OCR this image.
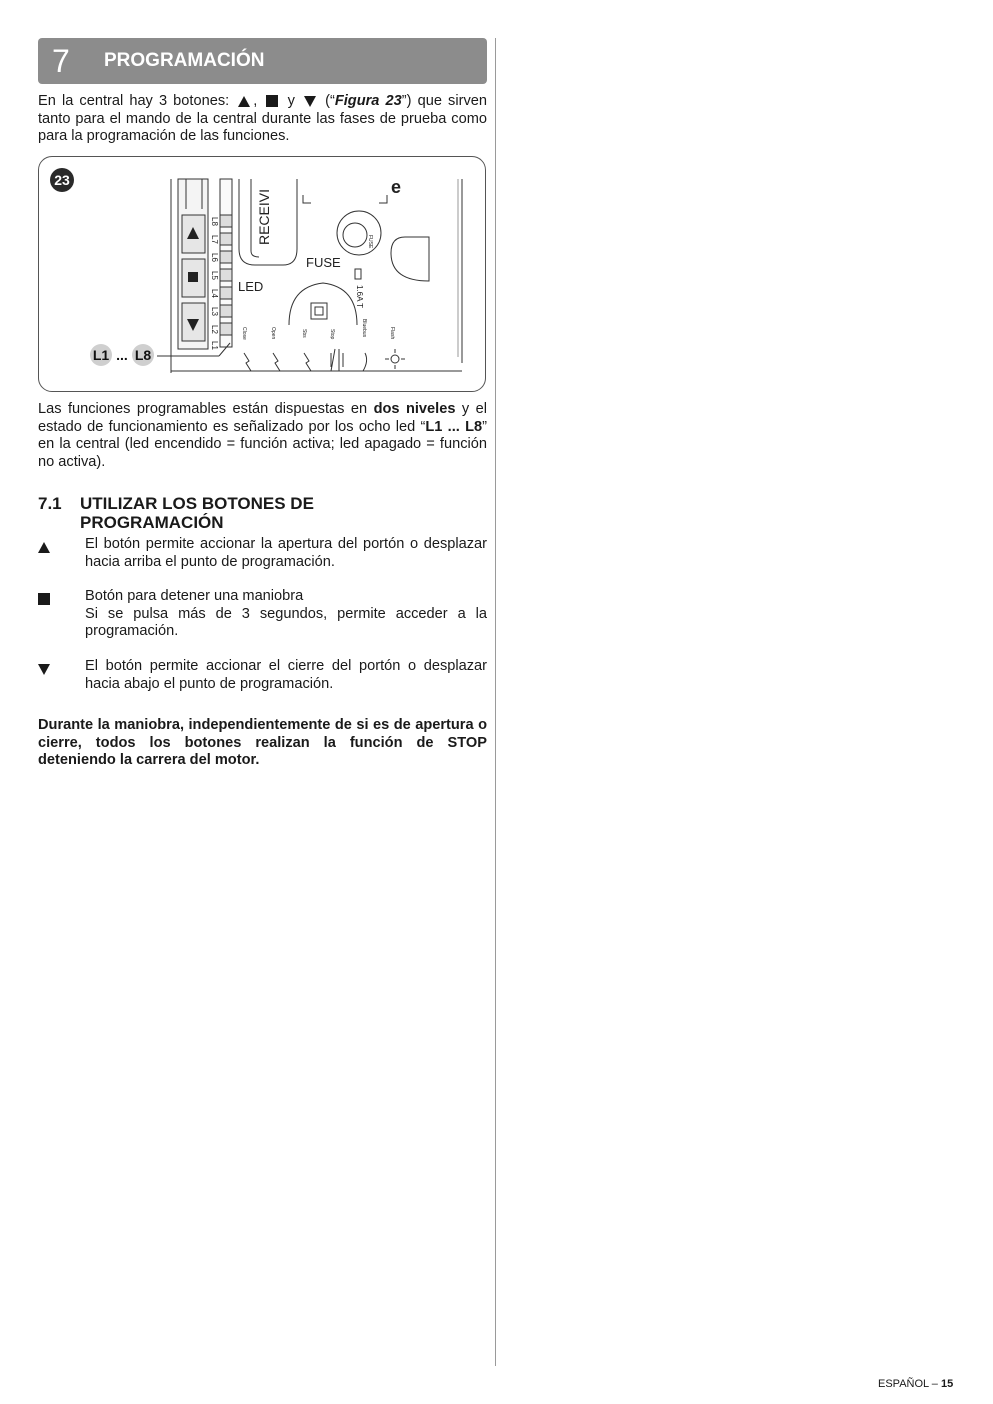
7	PROGRAMACIÓN

En la central hay 3 botones: , y (“Figura 23”) que sirven tanto para el mando de la central durante las fases de prueba como para la programación de las funciones.

23
RECEIVI
FUSE
LED
FUSE
1.6A T
L8
L7
L6
L5
L4
L3
L2
L1
Close	Open	Sbs	Stop	Bluebus	Flash
e
L1 ... L8

Las funciones programables están dispuestas en dos niveles y el estado de funcionamiento es señalizado por los ocho led “L1 ... L8” en la central (led encendido = función activa; led apagado = función no activa).

7.1 UTILIZAR LOS BOTONES DE PROGRAMACIÓN
El botón permite accionar la apertura del portón o desplazar hacia arriba el punto de programación.
Botón para detener una maniobra
Si se pulsa más de 3 segundos, permite acceder a la programación.
El botón permite accionar el cierre del portón o desplazar hacia abajo el punto de programación.
Durante la maniobra, independientemente de si es de apertura o cierre, todos los botones realizan la función de STOP deteniendo la carrera del motor.
ESPAÑOL – 15
